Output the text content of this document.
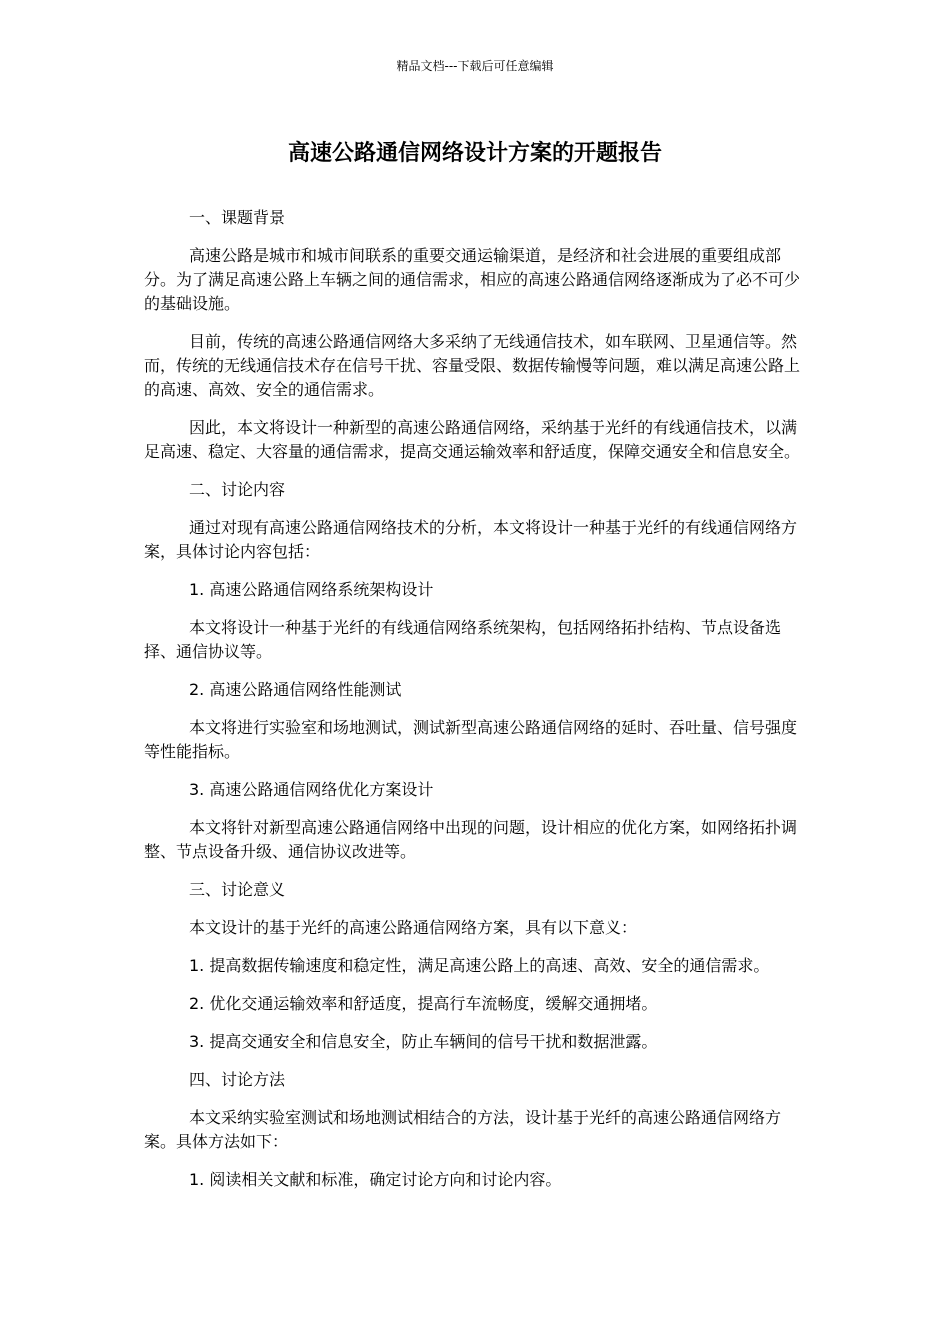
精品文档---下载后可任意编辑
高速公路通信网络设计方案的开题报告

一、课题背景

高速公路是城市和城市间联系的重要交通运输渠道，是经济和社会进展的重要组成部分。为了满足高速公路上车辆之间的通信需求，相应的高速公路通信网络逐渐成为了必不可少的基础设施。

目前，传统的高速公路通信网络大多采纳了无线通信技术，如车联网、卫星通信等。然而，传统的无线通信技术存在信号干扰、容量受限、数据传输慢等问题，难以满足高速公路上的高速、高效、安全的通信需求。

因此，本文将设计一种新型的高速公路通信网络，采纳基于光纤的有线通信技术，以满足高速、稳定、大容量的通信需求，提高交通运输效率和舒适度，保障交通安全和信息安全。

二、讨论内容

通过对现有高速公路通信网络技术的分析，本文将设计一种基于光纤的有线通信网络方案，具体讨论内容包括：

1. 高速公路通信网络系统架构设计

本文将设计一种基于光纤的有线通信网络系统架构，包括网络拓扑结构、节点设备选择、通信协议等。

2. 高速公路通信网络性能测试

本文将进行实验室和场地测试，测试新型高速公路通信网络的延时、吞吐量、信号强度等性能指标。

3. 高速公路通信网络优化方案设计

本文将针对新型高速公路通信网络中出现的问题，设计相应的优化方案，如网络拓扑调整、节点设备升级、通信协议改进等。

三、讨论意义

本文设计的基于光纤的高速公路通信网络方案，具有以下意义：

1. 提高数据传输速度和稳定性，满足高速公路上的高速、高效、安全的通信需求。

2. 优化交通运输效率和舒适度，提高行车流畅度，缓解交通拥堵。

3. 提高交通安全和信息安全，防止车辆间的信号干扰和数据泄露。

四、讨论方法

本文采纳实验室测试和场地测试相结合的方法，设计基于光纤的高速公路通信网络方案。具体方法如下：

1. 阅读相关文献和标准，确定讨论方向和讨论内容。
